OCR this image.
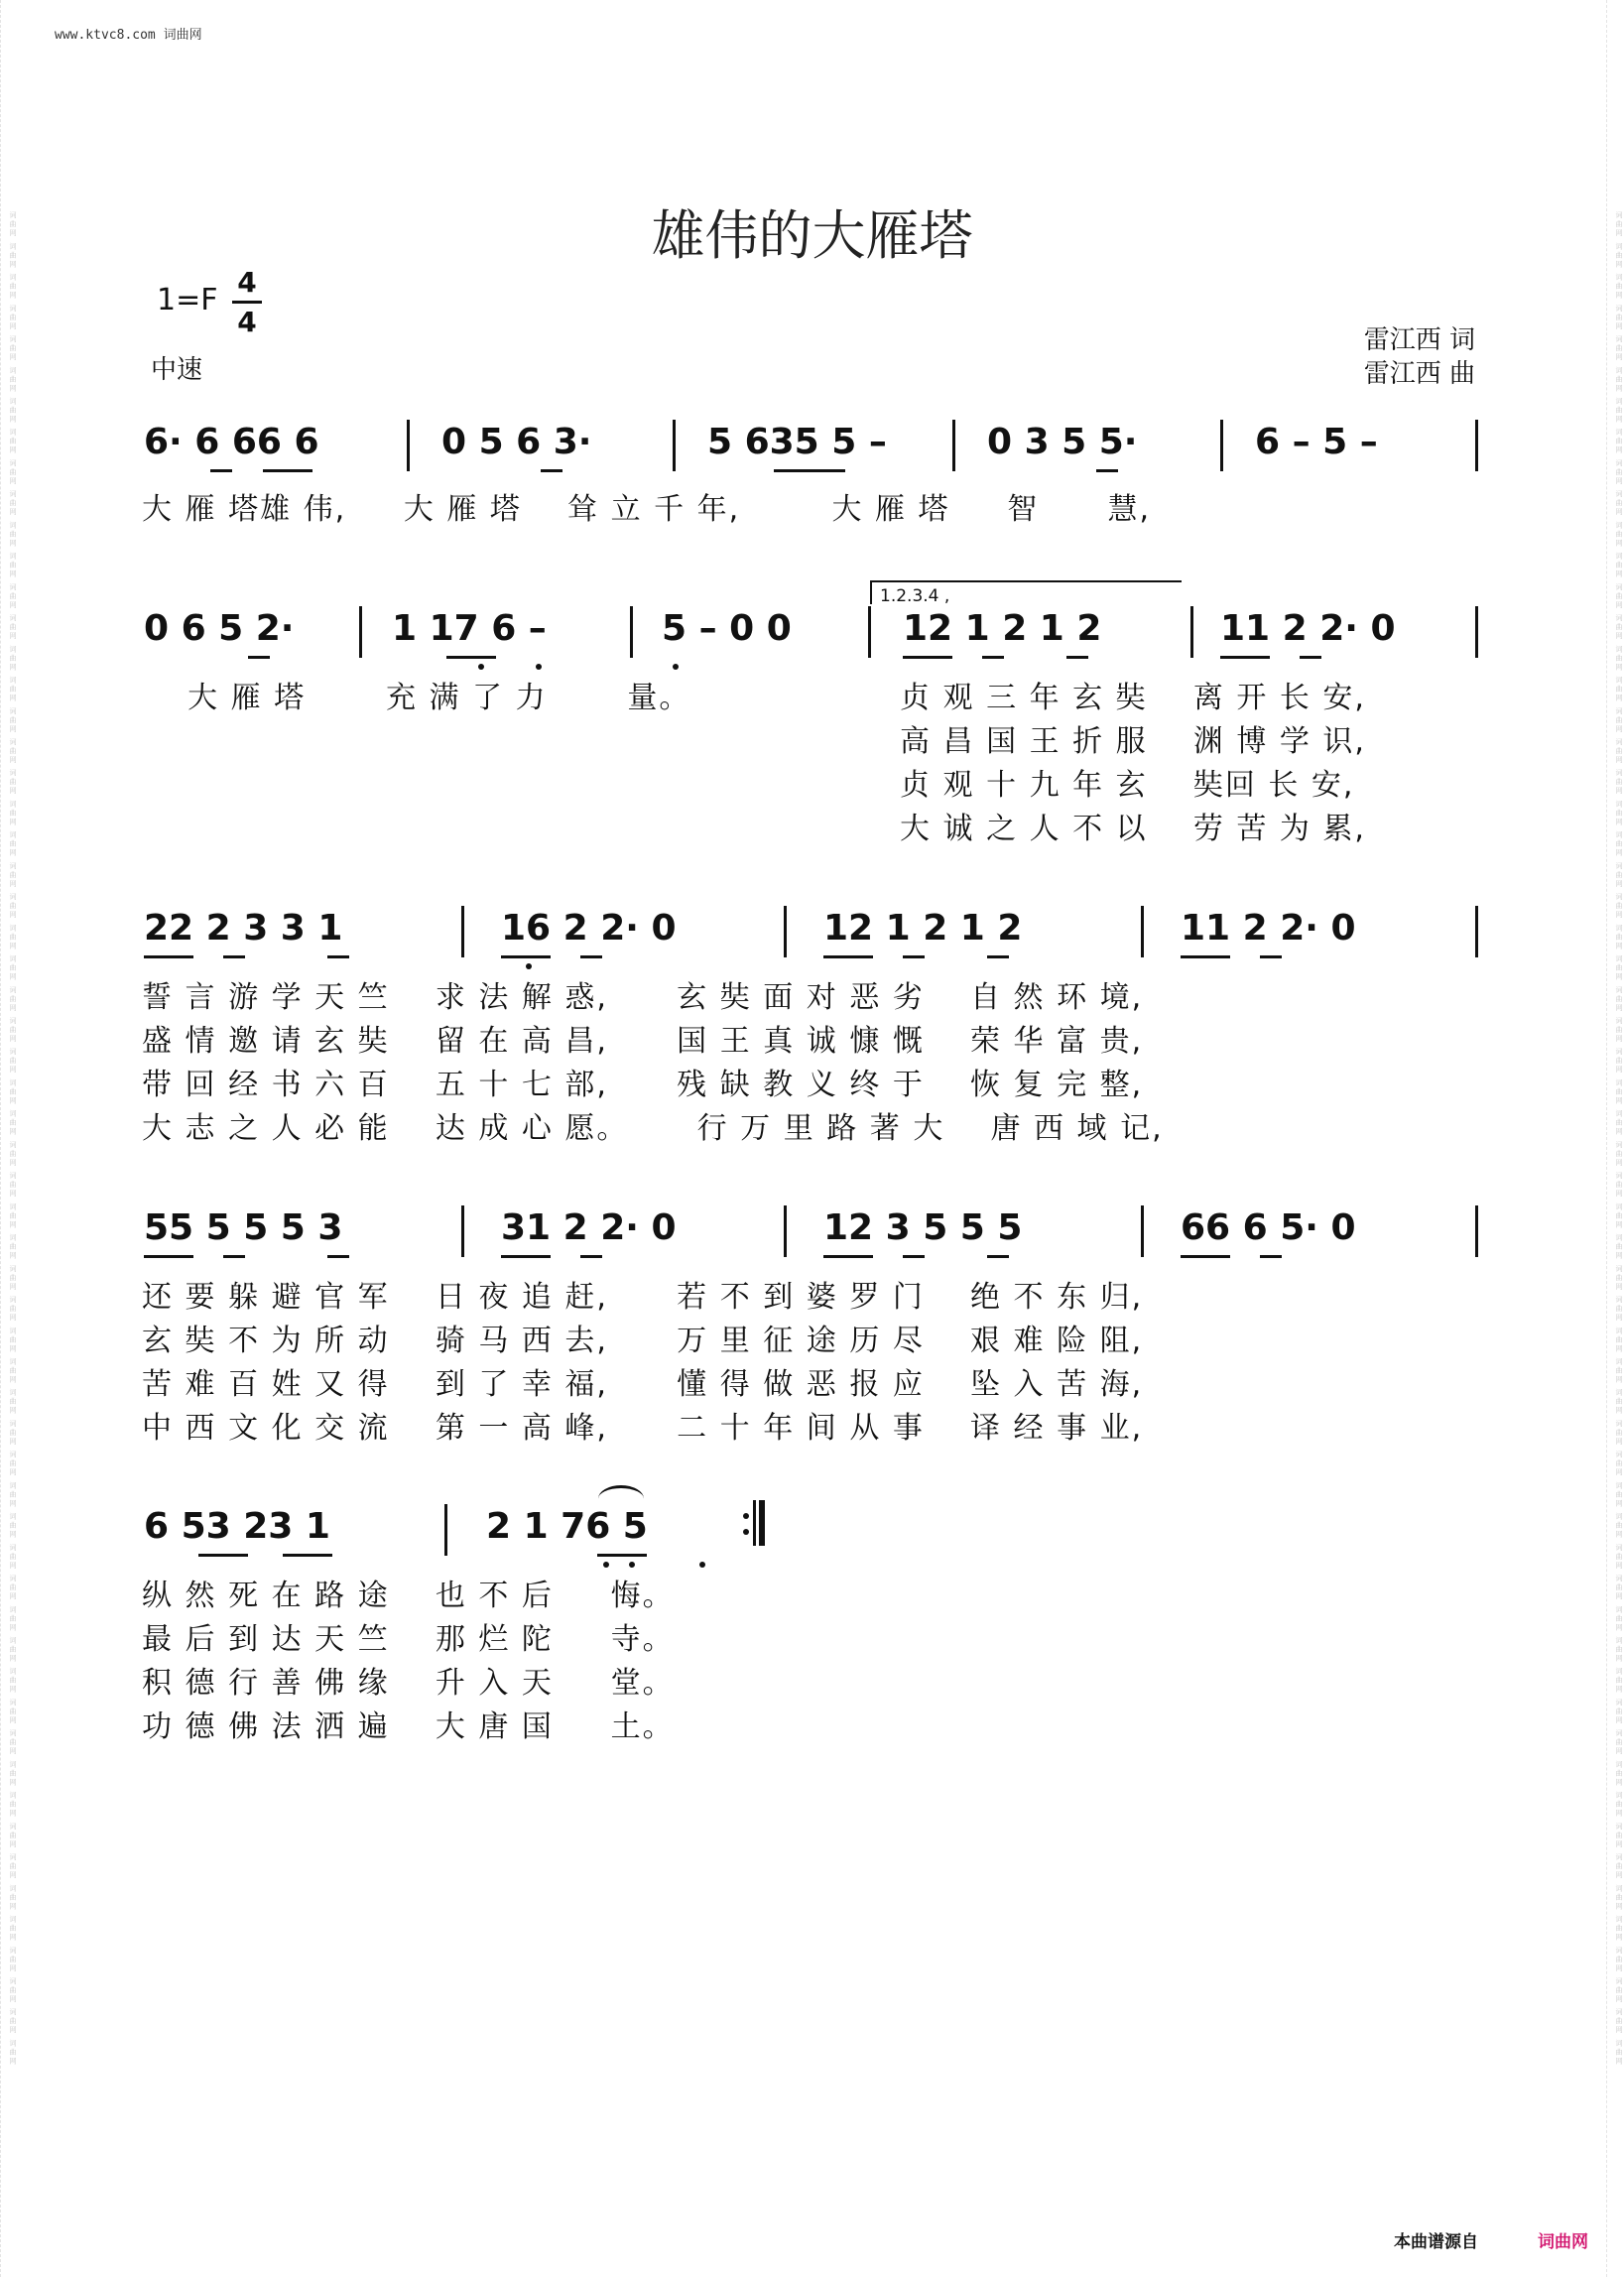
词曲网 词曲网 词曲网 词曲网 词曲网 词曲网 词曲网 词曲网 词曲网 词曲网 词曲网 词曲网 词曲网 词曲网 词曲网 词曲网 词曲网 词曲网 词曲网 词曲网 词曲网 词曲网 词曲网 词曲网 词曲网 词曲网 词曲网 词曲网 词曲网 词曲网 词曲网 词曲网 词曲网 词曲网 词曲网 词曲网 词曲网 词曲网 词曲网 词曲网 词曲网 词曲网 词曲网 词曲网 词曲网 词曲网 词曲网 词曲网 词曲网 词曲网 词曲网 词曲网 词曲网 词曲网 词曲网 词曲网 词曲网 词曲网 词曲网 词曲网	词曲网 词曲网 词曲网 词曲网 词曲网 词曲网 词曲网 词曲网 词曲网 词曲网 词曲网 词曲网 词曲网 词曲网 词曲网 词曲网 词曲网 词曲网 词曲网 词曲网 词曲网 词曲网 词曲网 词曲网 词曲网 词曲网 词曲网 词曲网 词曲网 词曲网 词曲网 词曲网 词曲网 词曲网 词曲网 词曲网 词曲网 词曲网 词曲网 词曲网 词曲网 词曲网 词曲网 词曲网 词曲网 词曲网 词曲网 词曲网 词曲网 词曲网 词曲网 词曲网 词曲网 词曲网 词曲网 词曲网 词曲网 词曲网 词曲网 词曲网
www.ktvc8.com 词曲网
雄伟的大雁塔
1=F
4
4
中速
雷江西 词
雷江西 曲
1.2.3.4 ,
6· 6 66 6	0 5 6 3·	5 635 5 –	0 3 5 5·	6 – 5 –
大 雁 塔雄 伟,     大 雁 塔    耸 立 千 年,        大 雁 塔     智      慧,
0 6 5 2·	1 17 6 –	5 – 0 0	12 1 2 1 2	11 2 2· 0
大 雁 塔       充 满 了 力       量。	贞 观 三 年 玄 奘    离 开 长 安,
高 昌 国 王 折 服    渊 博 学 识,
贞 观 十 九 年 玄    奘回 长 安,
大 诚 之 人 不 以    劳 苦 为 累,
22 2 3 3 1	16 2 2· 0	12 1 2 1 2	11 2 2· 0
誓 言 游 学 天 竺    求 法 解 惑,      玄 奘 面 对 恶 劣    自 然 环 境,
盛 情 邀 请 玄 奘    留 在 高 昌,      国 王 真 诚 慷 慨    荣 华 富 贵,
带 回 经 书 六 百    五 十 七 部,      残 缺 教 义 终 于    恢 复 完 整,
大 志 之 人 必 能    达 成 心 愿。      行 万 里 路 著 大    唐 西 域 记,
55 5 5 5 3	31 2 2· 0	12 3 5 5 5	66 6 5· 0
还 要 躲 避 官 军    日 夜 追 赶,      若 不 到 婆 罗 门    绝 不 东 归,
玄 奘 不 为 所 动    骑 马 西 去,      万 里 征 途 历 尽    艰 难 险 阻,
苦 难 百 姓 又 得    到 了 幸 福,      懂 得 做 恶 报 应    坠 入 苦 海,
中 西 文 化 交 流    第 一 高 峰,      二 十 年 间 从 事    译 经 事 业,
6 53 23 1	2 1 76 5
纵 然 死 在 路 途    也 不 后     悔。
最 后 到 达 天 竺    那 烂 陀     寺。
积 德 行 善 佛 缘    升 入 天     堂。
功 德 佛 法 洒 遍    大 唐 国     土。
本曲谱源自	词曲网
